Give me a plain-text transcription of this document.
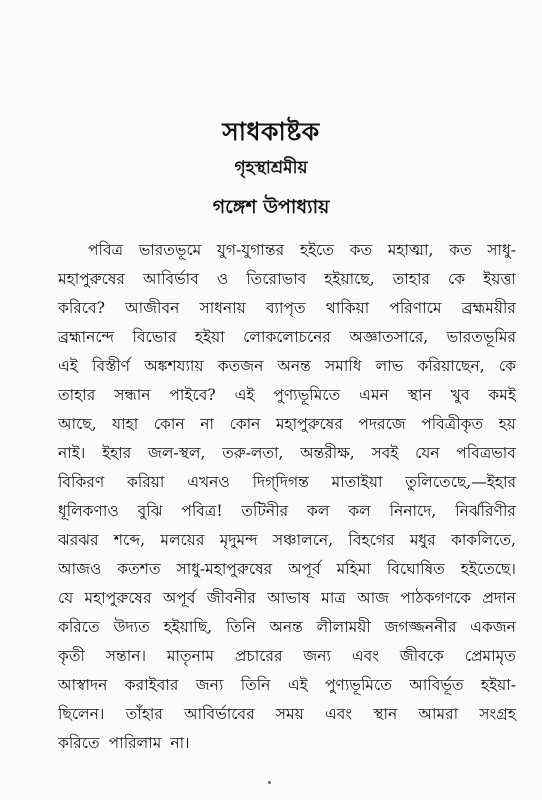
সাধকাষ্টক
গৃহস্থাশ্রমীয়
গঙ্গেশ উপাধ্যায়
পবিত্র ভারতভূমে যুগ-যুগান্তর হইতে কত মহাত্মা, কত সাধু-
মহাপুরুষের আবির্ভাব ও তিরোভাব হইয়াছে, তাহার কে ইয়ত্তা
করিবে? আজীবন সাধনায় ব্যাপৃত থাকিয়া পরিণামে ব্রহ্মময়ীর
ব্রহ্মানন্দে বিভোর হইয়া লোকলোচনের অজ্ঞাতসারে, ভারতভূমির
এই বিস্তীর্ণ অঙ্কশয্যায় কতজন অনন্ত সমাধি লাভ করিয়াছেন, কে
তাহার সন্ধান পাইবে? এই পুণ্যভূমিতে এমন স্থান খুব কমই
আছে, যাহা কোন না কোন মহাপুরুষের পদরজে পবিত্রীকৃত হয়
নাই। ইহার জল-স্থল, তরু-লতা, অন্তরীক্ষ, সবই যেন পবিত্রভাব
বিকিরণ করিয়া এখনও দিগ্‌দিগন্ত মাতাইয়া তুলিতেছে,—ইহার
ধূলিকণাও বুঝি পবিত্র! তটিনীর কল কল নিনাদে, নির্ঝরিণীর
ঝরঝর শব্দে, মলয়ের মৃদুমন্দ সঞ্চালনে, বিহগের মধুর কাকলিতে,
আজও কতশত সাধু-মহাপুরুষের অপূর্ব মহিমা বিঘোষিত হইতেছে।
যে মহাপুরুষের অপূর্ব জীবনীর আভাষ মাত্র আজ পাঠকগণকে প্রদান
করিতে উদ্যত হইয়াছি, তিনি অনন্ত লীলাময়ী জগজ্জননীর একজন
কৃতী সন্তান। মাতৃনাম প্রচারের জন্য এবং জীবকে প্রেমামৃত
আস্বাদন করাইবার জন্য তিনি এই পুণ্যভূমিতে আবির্ভূত হইয়া-
ছিলেন। তাঁহার আবির্ভাবের সময় এবং স্থান আমরা সংগ্রহ
করিতে পারিলাম না।
